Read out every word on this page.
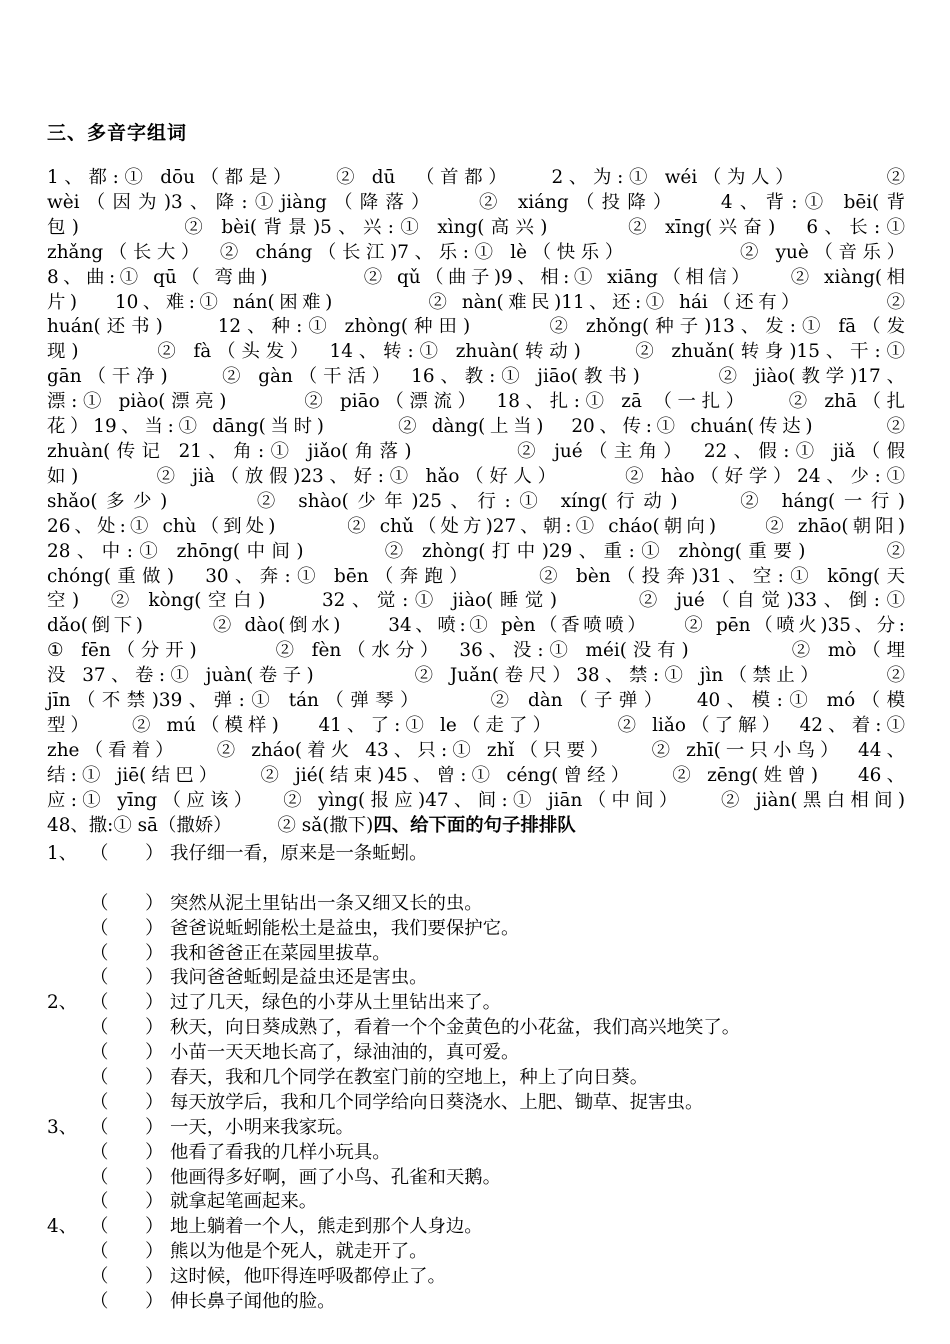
三、多音字组词
1、都:① dōu（都是）　　② dū　（首都）　　2、为:① wéi（为人）　　　　②
wèi（因为)3、降:①jiàng（降落）　　② xiáng（投降）　　4、背:① bēi(背
包)　　　　② bèi(背景)5、兴:① xìng(高兴)　　　② xīng(兴奋)　6、长:①
zhǎng（长大）　② cháng（长江)7、乐:① lè（快乐）　　　　　② yuè（音乐）
8、曲:① qū（ 弯曲)　　　　② qǔ（曲子)9、相:① xiāng（相信）　　② xiàng(相
片)　 10、难:① nán(困难)　　　　② nàn(难民)11、还:① hái（还有）　　　　②
huán(还书)　　12、种:① zhòng(种田)　　　② zhǒng(种子)13、发:① fā（发
现)　　　② fà（头发）　14、转:① zhuàn(转动)　　② zhuǎn(转身)15、干:①
gān（干净)　　② gàn（干活）　16、教:① jiāo(教书)　　　② jiào(教学)17、
漂:① piào(漂亮)　　　② piāo（漂流）　18、扎:① zā （一扎）　　② zhā（扎
花）19、当:① dāng(当时)　　　② dàng(上当)　20、传:① chuán(传达)　　　②
zhuàn(传记 21、角:① jiǎo(角落)　　　　② jué（主角）　22、假:① jiǎ（假
如)　　　② jià（放假)23、好:① hǎo（好人）　　　② hào（好学）24、少:①
shǎo(多少)　　　② shào(少年)25、行:① xíng(行动)　　② háng(一行)
26、处:① chù（到处)　　　② chǔ（处方)27、朝:① cháo(朝向)　　② zhāo(朝阳)
28、中:① zhōng(中间)　　　② zhòng(打中)29、重:① zhòng(重要)　　　②
chóng(重做)　30、奔:① bēn（奔跑）　　　② bèn（投奔)31、空:① kōng(天
空)　② kòng(空白)　　32、觉:① jiào(睡觉)　　　② jué（自觉)33、倒:①
dǎo(倒下)　　　② dào(倒水)　　34、喷:① pèn（香喷喷）　　② pēn（喷火)35、分:
① fēn（分开)　　　② fèn（水分）　36、没:① méi(没有)　　　　② mò（埋
没 37、卷:① juàn(卷子)　　　　② Juǎn(卷尺）38、禁:① jìn（禁止）　　　②
jīn（不禁)39、弹:① tán（弹琴）　　　② dàn（子弹）　 40、模:① mó（模
型）　　② mú（模样)　 41、了:① le（走了）　　　② liǎo（了解）　42、着:①
zhe（看着）　　② zháo(着火 43、只:① zhǐ（只要）　　② zhī(一只小鸟）　44、
结:① jiē(结巴）　　② jié(结束)45、曾:① céng(曾经）　　② zēng(姓曾)　 46、
应:① yīng（应该）　 ② yìng(报应)47、间:① jiān（中间）　　② jiàn(黑白相间)
48、撒:① sā（撒娇）　　　② sǎ(撒下)四、给下面的句子排排队
1、 （　　） 我仔细一看，原来是一条蚯蚓。
（　　） 突然从泥土里钻出一条又细又长的虫。
（　　） 爸爸说蚯蚓能松土是益虫，我们要保护它。
（　　） 我和爸爸正在菜园里拔草。
（　　） 我问爸爸蚯蚓是益虫还是害虫。
2、 （　　） 过了几天，绿色的小芽从土里钻出来了。
（　　） 秋天，向日葵成熟了，看着一个个金黄色的小花盆，我们高兴地笑了。
（　　） 小苗一天天地长高了，绿油油的，真可爱。
（　　） 春天，我和几个同学在教室门前的空地上，种上了向日葵。
（　　） 每天放学后，我和几个同学给向日葵浇水、上肥、锄草、捉害虫。
3、 （　　） 一天，小明来我家玩。
（　　） 他看了看我的几样小玩具。
（　　） 他画得多好啊，画了小鸟、孔雀和天鹅。
（　　） 就拿起笔画起来。
4、 （　　） 地上躺着一个人，熊走到那个人身边。
（　　） 熊以为他是个死人，就走开了。
（　　） 这时候，他吓得连呼吸都停止了。
（　　） 伸长鼻子闻他的脸。
